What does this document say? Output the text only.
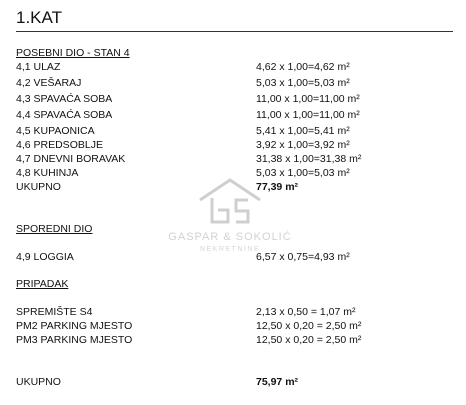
GASPAR & SOKOLIĆ
NEKRETNINE
1.KAT
POSEBNI DIO - STAN 4
4,1 ULAZ	4,62 x 1,00=4,62 m²
4,2 VEŠARAJ	5,03 x 1,00=5,03 m²
4,3 SPAVAĆA SOBA	11,00 x 1,00=11,00 m²
4,4 SPAVAĆA SOBA	11,00 x 1,00=11,00 m²
4,5 KUPAONICA	5,41 x 1,00=5,41 m²
4,6 PREDSOBLJE	3,92 x 1,00=3,92 m²
4,7 DNEVNI BORAVAK	31,38 x 1,00=31,38 m²
4,8 KUHINJA	5,03 x 1,00=5,03 m²
UKUPNO	77,39 m²
SPOREDNI DIO
4,9 LOGGIA	6,57 x 0,75=4,93 m²
PRIPADAK
SPREMIŠTE S4	2,13 x 0,50 = 1,07 m²
PM2 PARKING MJESTO	12,50 x 0,20 = 2,50 m²
PM3 PARKING MJESTO	12,50 x 0,20 = 2,50 m²
UKUPNO	75,97 m²
